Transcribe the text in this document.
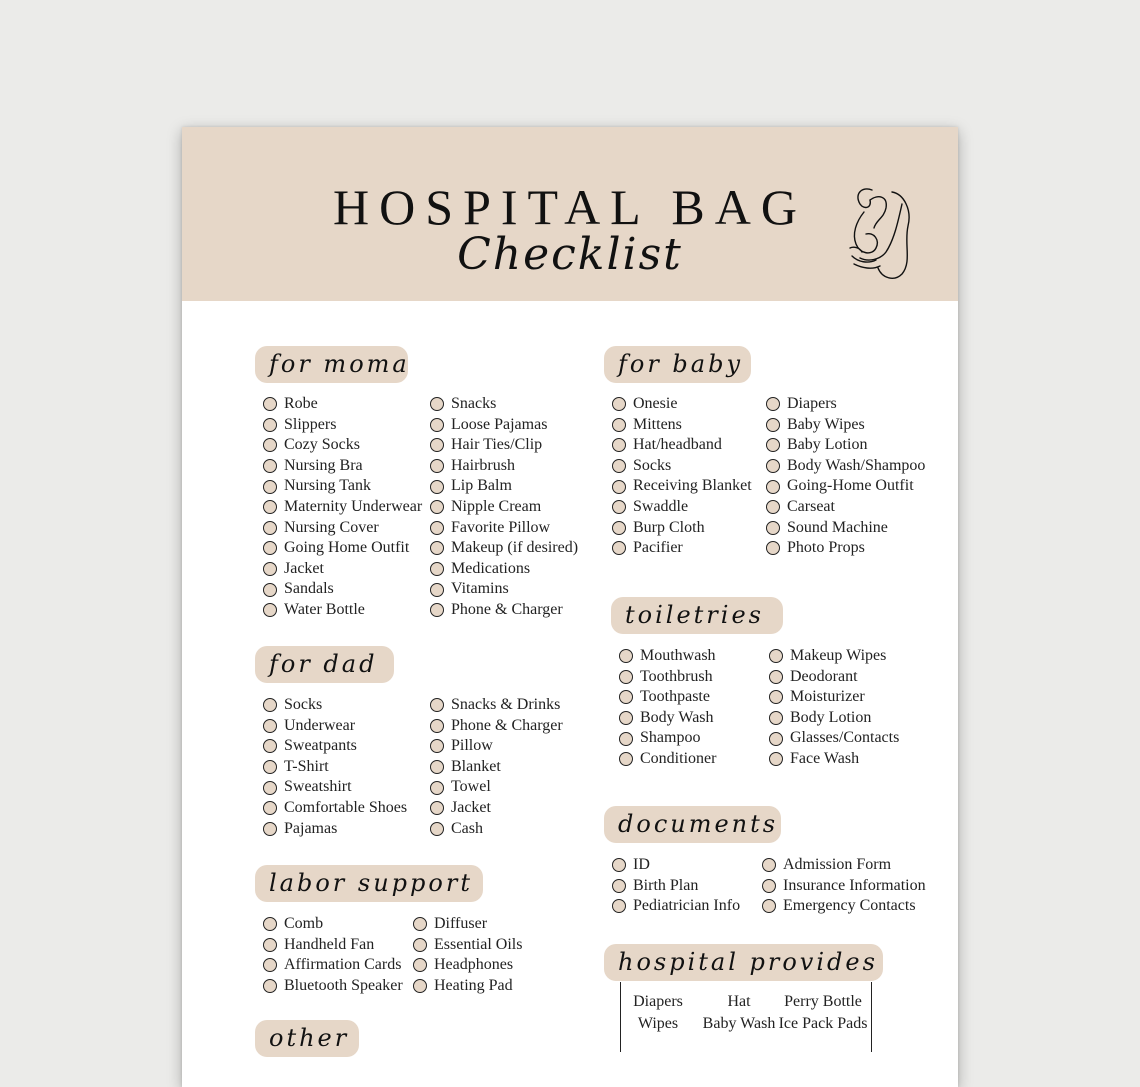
HOSPITAL BAG
Checklist
for moma
Robe
Slippers
Cozy Socks
Nursing Bra
Nursing Tank
Maternity Underwear
Nursing Cover
Going Home Outfit
Jacket
Sandals
Water Bottle
Snacks
Loose Pajamas
Hair Ties/Clip
Hairbrush
Lip Balm
Nipple Cream
Favorite Pillow
Makeup (if desired)
Medications
Vitamins
Phone & Charger
for dad
Socks
Underwear
Sweatpants
T-Shirt
Sweatshirt
Comfortable Shoes
Pajamas
Snacks & Drinks
Phone & Charger
Pillow
Blanket
Towel
Jacket
Cash
labor support
Comb
Handheld Fan
Affirmation Cards
Bluetooth Speaker
Diffuser
Essential Oils
Headphones
Heating Pad
other
for baby
Onesie
Mittens
Hat/headband
Socks
Receiving Blanket
Swaddle
Burp Cloth
Pacifier
Diapers
Baby Wipes
Baby Lotion
Body Wash/Shampoo
Going-Home Outfit
Carseat
Sound Machine
Photo Props
toiletries
Mouthwash
Toothbrush
Toothpaste
Body Wash
Shampoo
Conditioner
Makeup Wipes
Deodorant
Moisturizer
Body Lotion
Glasses/Contacts
Face Wash
documents
ID
Birth Plan
Pediatrician Info
Admission Form
Insurance Information
Emergency Contacts
hospital provides
Diapers	Hat Perry Bottle
Wipes Baby Wash Ice Pack Pads
